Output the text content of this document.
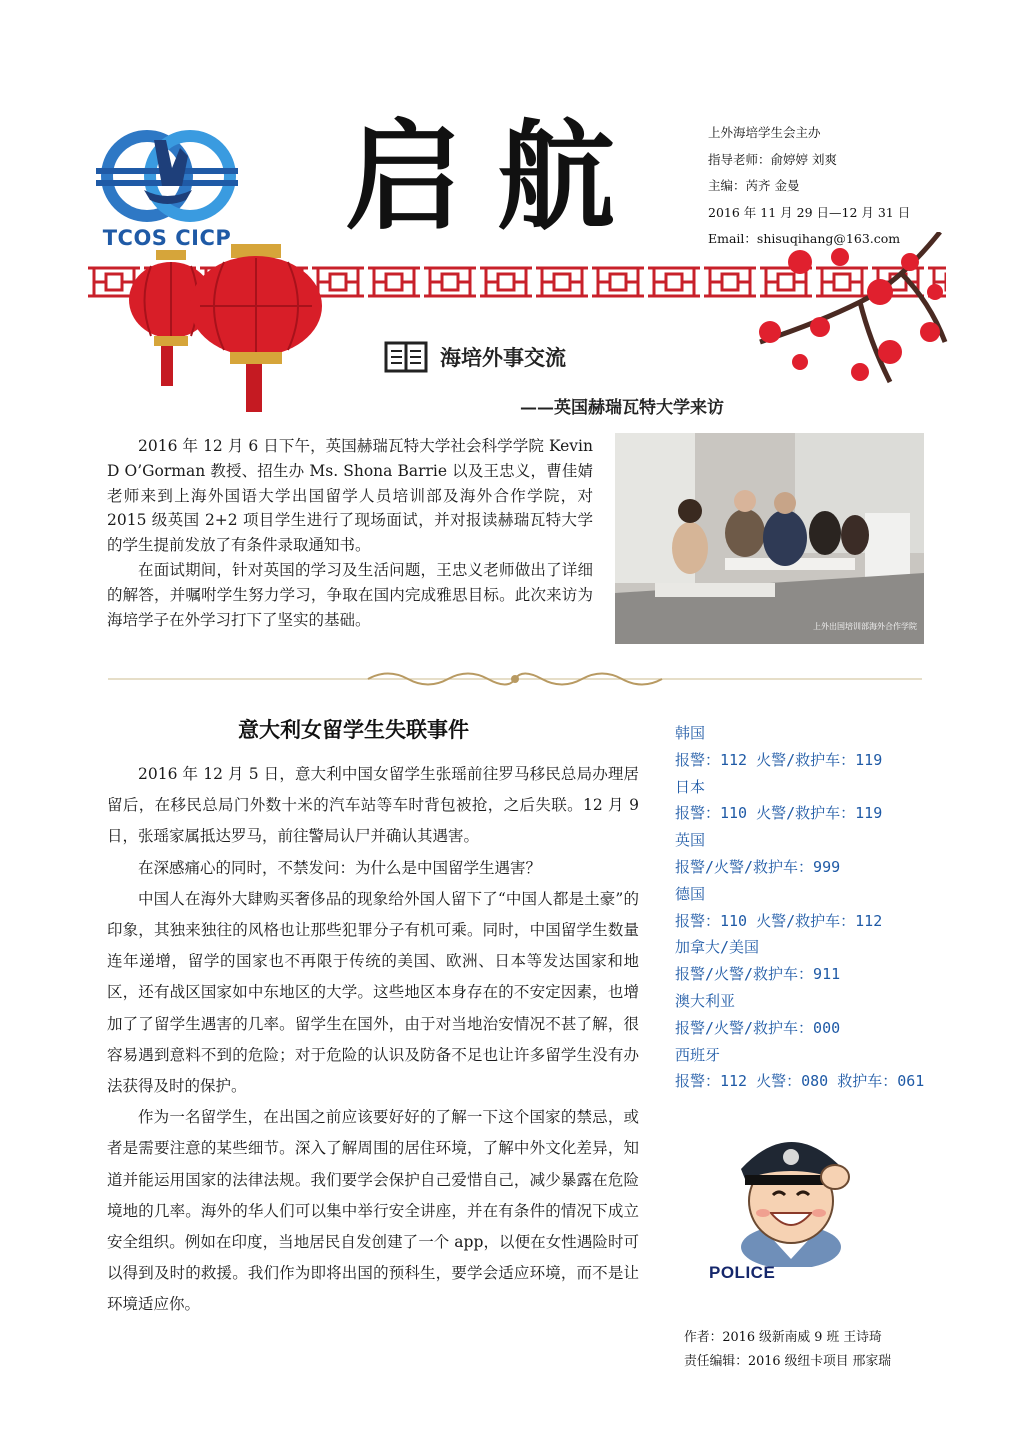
TCOS CICP 启航	上外海培学生会主办
指导老师：俞婷婷 刘爽
主编：芮齐 金曼
2016 年 11 月 29 日—12 月 31 日
Email：shisuqihang@163.com
海培外事交流
——英国赫瑞瓦特大学来访

2016 年 12 月 6 日下午，英国赫瑞瓦特大学社会科学学院 Kevin D O’Gorman 教授、招生办 Ms. Shona Barrie 以及王忠义，曹佳婧老师来到上海外国语大学出国留学人员培训部及海外合作学院，对 2015 级英国 2+2 项目学生进行了现场面试，并对报读赫瑞瓦特大学的学生提前发放了有条件录取通知书。

在面试期间，针对英国的学习及生活问题，王忠义老师做出了详细的解答，并嘱咐学生努力学习，争取在国内完成雅思目标。此次来访为海培学子在外学习打下了坚实的基础。	上外出国培训部海外合作学院
意大利女留学生失联事件

2016 年 12 月 5 日，意大利中国女留学生张瑶前往罗马移民总局办理居留后，在移民总局门外数十米的汽车站等车时背包被抢，之后失联。12 月 9 日，张瑶家属抵达罗马，前往警局认尸并确认其遇害。

在深感痛心的同时，不禁发问：为什么是中国留学生遇害？

中国人在海外大肆购买奢侈品的现象给外国人留下了“中国人都是土豪”的印象，其独来独往的风格也让那些犯罪分子有机可乘。同时，中国留学生数量连年递增，留学的国家也不再限于传统的美国、欧洲、日本等发达国家和地区，还有战区国家如中东地区的大学。这些地区本身存在的不安定因素，也增加了了留学生遇害的几率。留学生在国外，由于对当地治安情况不甚了解，很容易遇到意料不到的危险；对于危险的认识及防备不足也让许多留学生没有办法获得及时的保护。

作为一名留学生，在出国之前应该要好好的了解一下这个国家的禁忌，或者是需要注意的某些细节。深入了解周围的居住环境，了解中外文化差异，知道并能运用国家的法律法规。我们要学会保护自己爱惜自己，减少暴露在危险境地的几率。海外的华人们可以集中举行安全讲座，并在有条件的情况下成立安全组织。例如在印度，当地居民自发创建了一个 app，以便在女性遇险时可以得到及时的救援。我们作为即将出国的预科生，要学会适应环境，而不是让环境适应你。

韩国
报警：112 火警/救护车：119
日本
报警：110 火警/救护车：119
英国
报警/火警/救护车：999
德国
报警：110 火警/救护车：112
加拿大/美国
报警/火警/救护车：911
澳大利亚
报警/火警/救护车：000
西班牙
报警：112 火警：080 救护车：061
POLICE
作者：2016 级新南威 9 班 王诗琦
责任编辑：2016 级纽卡项目 邢家瑞
